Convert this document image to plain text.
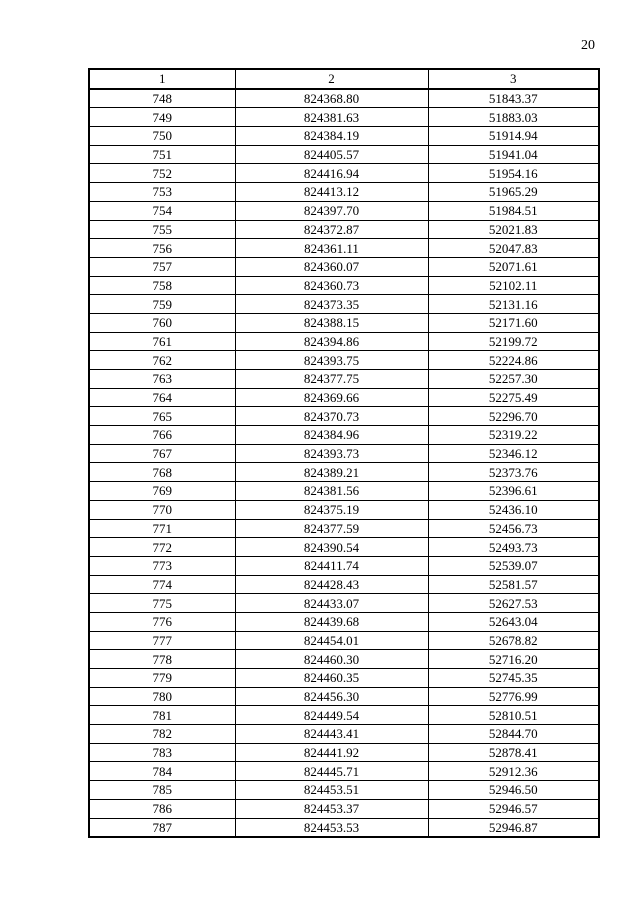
20
1	2	3
748	824368.80	51843.37
749	824381.63	51883.03
750	824384.19	51914.94
751	824405.57	51941.04
752	824416.94	51954.16
753	824413.12	51965.29
754	824397.70	51984.51
755	824372.87	52021.83
756	824361.11	52047.83
757	824360.07	52071.61
758	824360.73	52102.11
759	824373.35	52131.16
760	824388.15	52171.60
761	824394.86	52199.72
762	824393.75	52224.86
763	824377.75	52257.30
764	824369.66	52275.49
765	824370.73	52296.70
766	824384.96	52319.22
767	824393.73	52346.12
768	824389.21	52373.76
769	824381.56	52396.61
770	824375.19	52436.10
771	824377.59	52456.73
772	824390.54	52493.73
773	824411.74	52539.07
774	824428.43	52581.57
775	824433.07	52627.53
776	824439.68	52643.04
777	824454.01	52678.82
778	824460.30	52716.20
779	824460.35	52745.35
780	824456.30	52776.99
781	824449.54	52810.51
782	824443.41	52844.70
783	824441.92	52878.41
784	824445.71	52912.36
785	824453.51	52946.50
786	824453.37	52946.57
787	824453.53	52946.87
